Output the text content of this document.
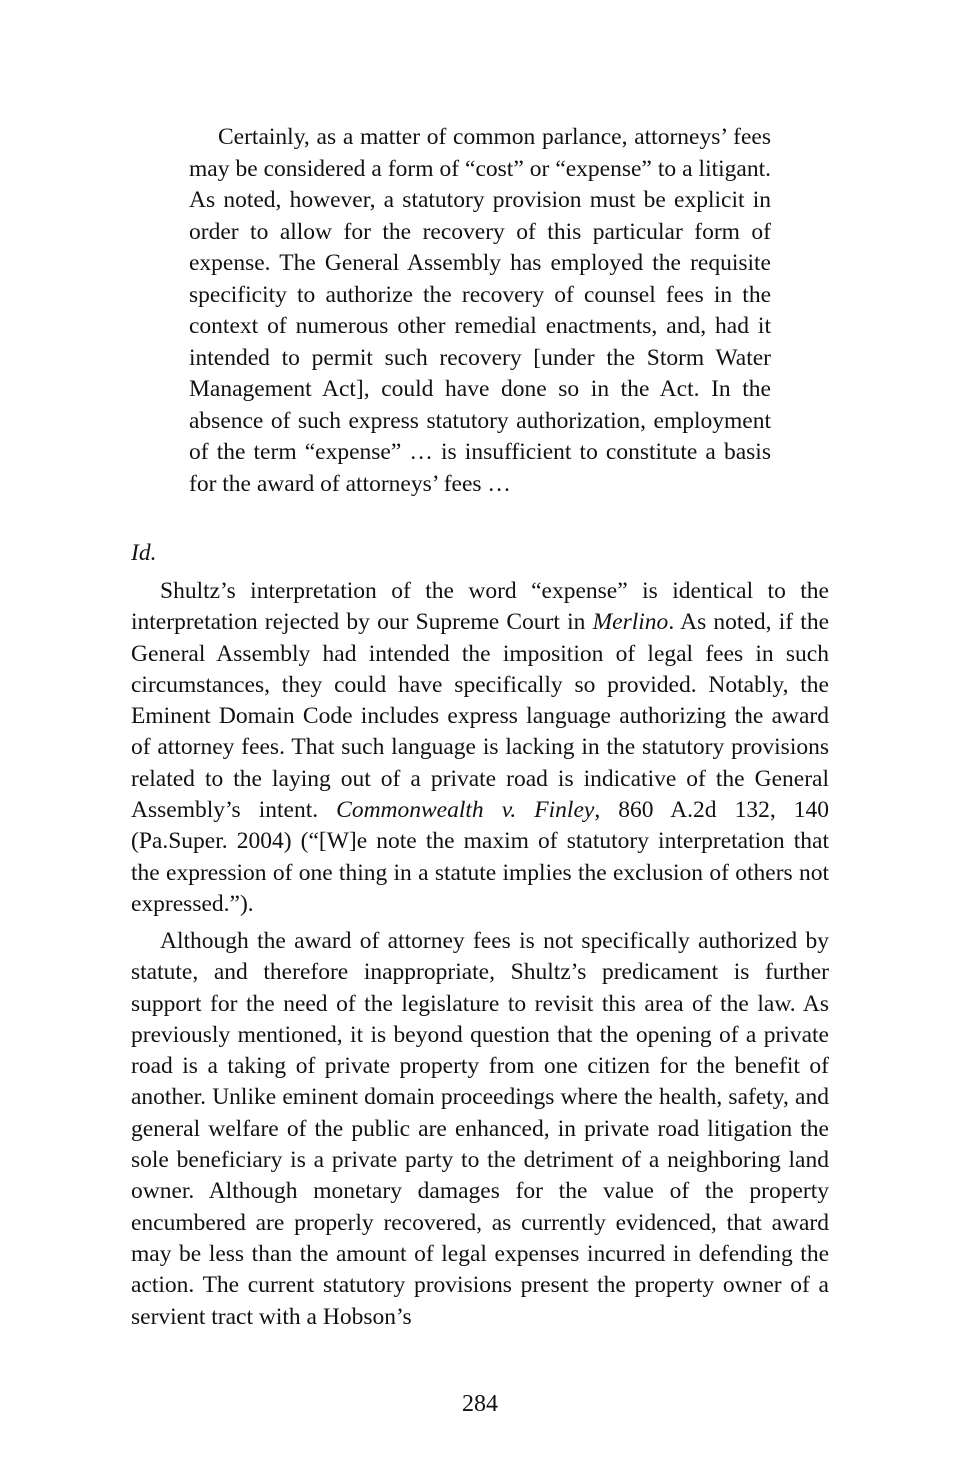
Certainly, as a matter of common parlance, attorneys’ fees may be considered a form of “cost” or “expense” to a litigant. As noted, however, a statutory provision must be explicit in order to allow for the recovery of this particular form of expense. The General Assembly has employed the requisite specificity to authorize the recovery of counsel fees in the context of numerous other remedial enactments, and, had it intended to permit such recovery [under the Storm Water Management Act], could have done so in the Act. In the absence of such express statutory authorization, employment of the term “expense” … is insufficient to constitute a basis for the award of attorneys’ fees …

Id.

Shultz’s interpretation of the word “expense” is identical to the interpretation rejected by our Supreme Court in Merlino. As noted, if the General Assembly had intended the imposition of legal fees in such circumstances, they could have specifically so provided. Notably, the Eminent Domain Code includes express language authorizing the award of attorney fees. That such language is lacking in the statutory provisions related to the laying out of a private road is indicative of the General Assembly’s intent. Commonwealth v. Finley, 860 A.2d 132, 140 (Pa.Super. 2004) (“[W]e note the maxim of statutory interpretation that the expression of one thing in a statute implies the exclusion of others not expressed.”).

Although the award of attorney fees is not specifically authorized by statute, and therefore inappropriate, Shultz’s predicament is further support for the need of the legislature to revisit this area of the law. As previously mentioned, it is beyond question that the opening of a private road is a taking of private property from one citizen for the benefit of another. Unlike eminent domain proceedings where the health, safety, and general welfare of the public are enhanced, in private road litigation the sole beneficiary is a private party to the detriment of a neighboring land owner. Although monetary damages for the value of the property encumbered are properly recovered, as currently evidenced, that award may be less than the amount of legal expenses incurred in defending the action. The current statutory provisions present the property owner of a servient tract with a Hobson’s

284
